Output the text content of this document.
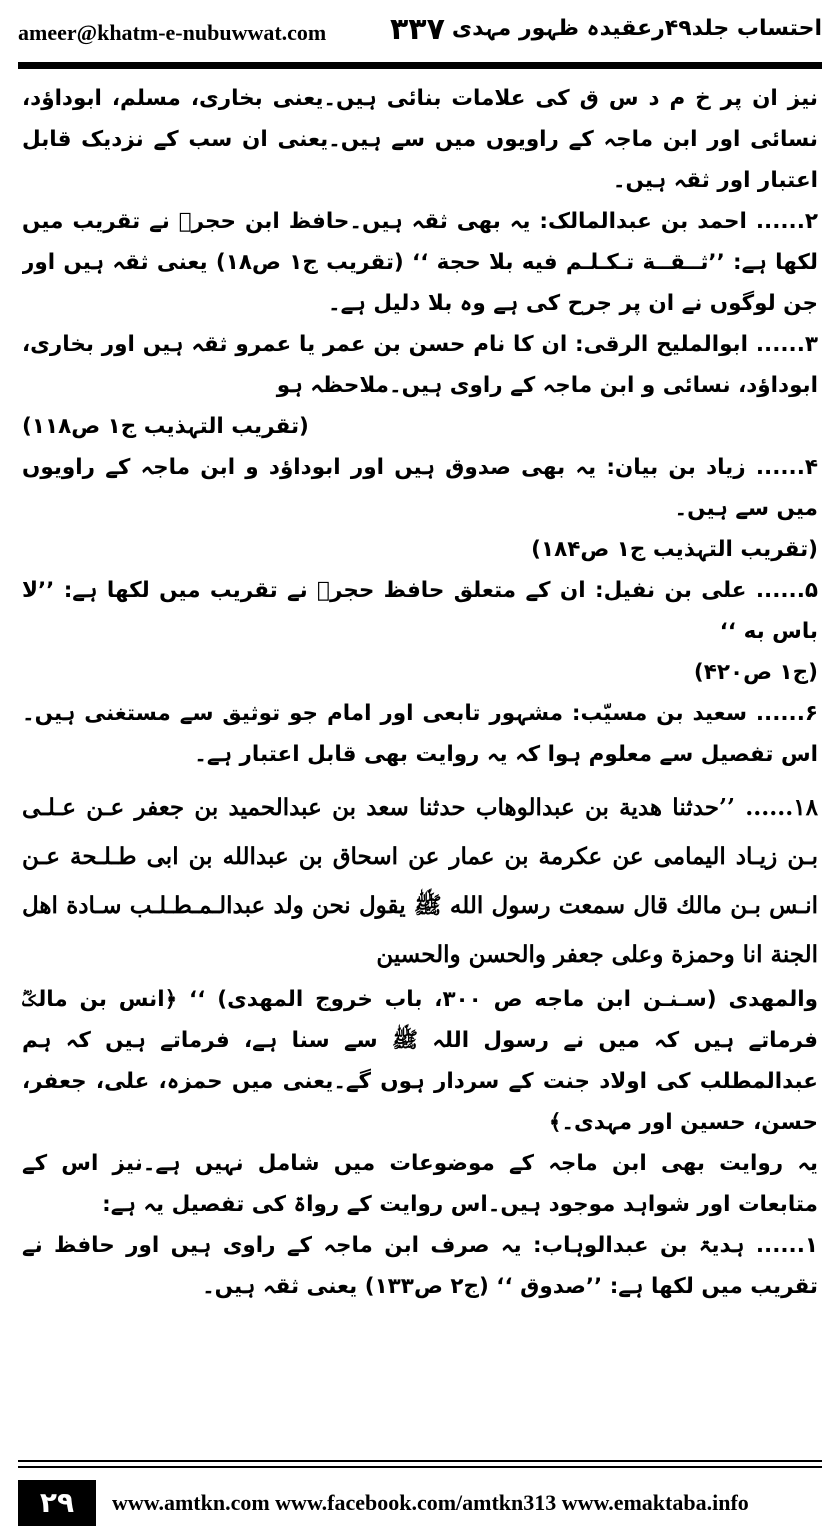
ameer@khatm-e-nubuwwat.com ۳۳۷ احتساب جلد۴۹رعقیدہ ظہور مہدی

نیز ان پر خ م د س ق کی علامات بنائی ہیں۔یعنی بخاری، مسلم، ابوداؤد، نسائی اور ابن ماجہ کے راویوں میں سے ہیں۔یعنی ان سب کے نزدیک قابل اعتبار اور ثقہ ہیں۔

۲...... احمد بن عبدالمالک: یہ بھی ثقہ ہیں۔حافظ ابن حجرؒ نے تقریب میں لکھا ہے: ’’ثــقــة تـكـلـم فيه بلا حجة ‘‘ (تقریب ج۱ ص۱۸) یعنی ثقہ ہیں اور جن لوگوں نے ان پر جرح کی ہے وہ بلا دلیل ہے۔

۳...... ابوالملیح الرقی: ان کا نام حسن بن عمر یا عمرو ثقہ ہیں اور بخاری، ابوداؤد، نسائی و ابن ماجہ کے راوی ہیں۔ملاحظہ ہو

(تقریب التہذیب ج۱ ص۱۱۸)

۴...... زیاد بن بیان: یہ بھی صدوق ہیں اور ابوداؤد و ابن ماجہ کے راویوں میں سے ہیں۔

(تقریب التہذیب ج۱ ص۱۸۴)

۵...... علی بن نفیل: ان کے متعلق حافظ حجرؒ نے تقریب میں لکھا ہے: ’’لا باس به ‘‘

(ج۱ ص۴۲۰)

۶...... سعید بن مسیّب: مشہور تابعی اور امام جو توثیق سے مستغنی ہیں۔اس تفصیل سے معلوم ہوا کہ یہ روایت بھی قابل اعتبار ہے۔

۱۸...... ’’حدثنا هدية بن عبدالوهاب حدثنا سعد بن عبدالحميد بن جعفر عـن عـلـى بـن زيـاد اليمامى عن عكرمة بن عمار عن اسحاق بن عبدالله بن ابى طـلـحة عـن انـس بـن مالك قال سمعت رسول الله ﷺ يقول نحن ولد عبدالـمـطـلـب سـادة اهل الجنة انا وحمزة وعلى جعفر والحسن والحسين

والمهدى (سـنـن ابن ماجه ص ۳۰۰، باب خروج المهدى) ‘‘ ﴿انس بن مالکؓ فرماتے ہیں کہ میں نے رسول اللہ ﷺ سے سنا ہے، فرماتے ہیں کہ ہم عبدالمطلب کی اولاد جنت کے سردار ہوں گے۔یعنی میں حمزہ، علی، جعفر، حسن، حسین اور مہدی۔﴾

یہ روایت بھی ابن ماجہ کے موضوعات میں شامل نہیں ہے۔نیز اس کے متابعات اور شواہد موجود ہیں۔اس روایت کے رواۃ کی تفصیل یہ ہے:

۱...... ہدیۃ بن عبدالوہاب: یہ صرف ابن ماجہ کے راوی ہیں اور حافظ نے تقریب میں لکھا ہے: ’’صدوق ‘‘ (ج۲ ص۱۳۳) یعنی ثقہ ہیں۔

۲۹	www.amtkn.com www.facebook.com/amtkn313 www.emaktaba.info
